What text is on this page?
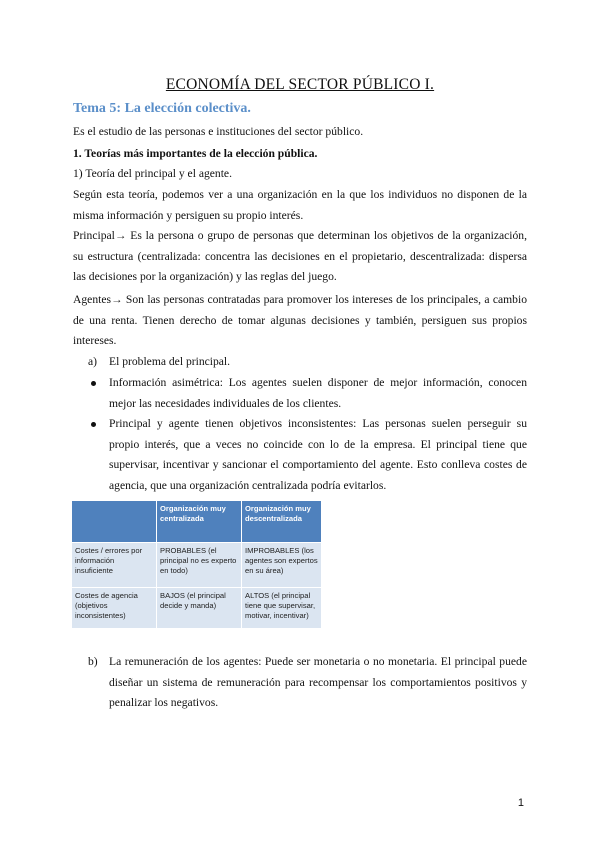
ECONOMÍA DEL SECTOR PÚBLICO I.
Tema 5: La elección colectiva.
Es el estudio de las personas e instituciones del sector público.
1. Teorías más importantes de la elección pública.
1) Teoría del principal y el agente.
Según esta teoría, podemos ver a una organización en la que los individuos no disponen de la misma información y persiguen su propio interés.
Principal→ Es la persona o grupo de personas que determinan los objetivos de la organización, su estructura (centralizada: concentra las decisiones en el propietario, descentralizada: dispersa las decisiones por la organización) y las reglas del juego.
Agentes→ Son las personas contratadas para promover los intereses de los principales, a cambio de una renta. Tienen derecho de tomar algunas decisiones y también, persiguen sus propios intereses.
a)	El problema del principal.
Información asimétrica: Los agentes suelen disponer de mejor información, conocen mejor las necesidades individuales de los clientes.
Principal y agente tienen objetivos inconsistentes: Las personas suelen perseguir su propio interés, que a veces no coincide con lo de la empresa. El principal tiene que supervisar, incentivar y sancionar el comportamiento del agente. Esto conlleva costes de agencia, que una organización centralizada podría evitarlos.
	Organización muy centralizada	Organización muy descentralizada
Costes / errores por información insuficiente	PROBABLES (el principal no es experto en todo)	IMPROBABLES (los agentes son expertos en su área)
Costes de agencia (objetivos inconsistentes)	BAJOS (el principal decide y manda)	ALTOS (el principal tiene que supervisar, motivar, incentivar)
b) La remuneración de los agentes: Puede ser monetaria o no monetaria. El principal puede diseñar un sistema de remuneración para recompensar los comportamientos positivos y penalizar los negativos.
1
